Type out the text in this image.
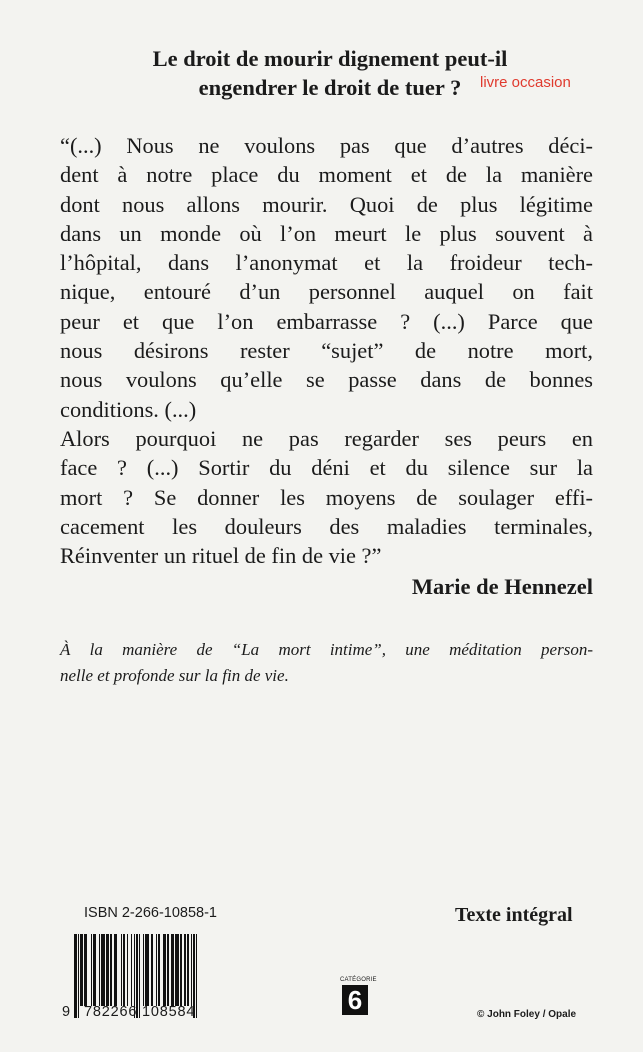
Le droit de mourir dignement peut-il
engendrer le droit de tuer ?	livre occasion
“(...) Nous ne voulons pas que d’autres déci-
dent à notre place du moment et de la manière
dont nous allons mourir. Quoi de plus légitime
dans un monde où l’on meurt le plus souvent à
l’hôpital, dans l’anonymat et la froideur tech-
nique, entouré d’un personnel auquel on fait
peur et que l’on embarrasse ? (...) Parce que
nous désirons rester “sujet” de notre mort,
nous voulons qu’elle se passe dans de bonnes
conditions. (...)
Alors pourquoi ne pas regarder ses peurs en
face ? (...) Sortir du déni et du silence sur la
mort ? Se donner les moyens de soulager effi-
cacement les douleurs des maladies terminales,
Réinventer un rituel de fin de vie ?”
Marie de Hennezel
À la manière de “La mort intime”, une méditation person-
nelle et profonde sur la fin de vie.
ISBN 2-266-10858-1	Texte intégral
9 782266 108584
CATÉGORIE
6	© John Foley / Opale
